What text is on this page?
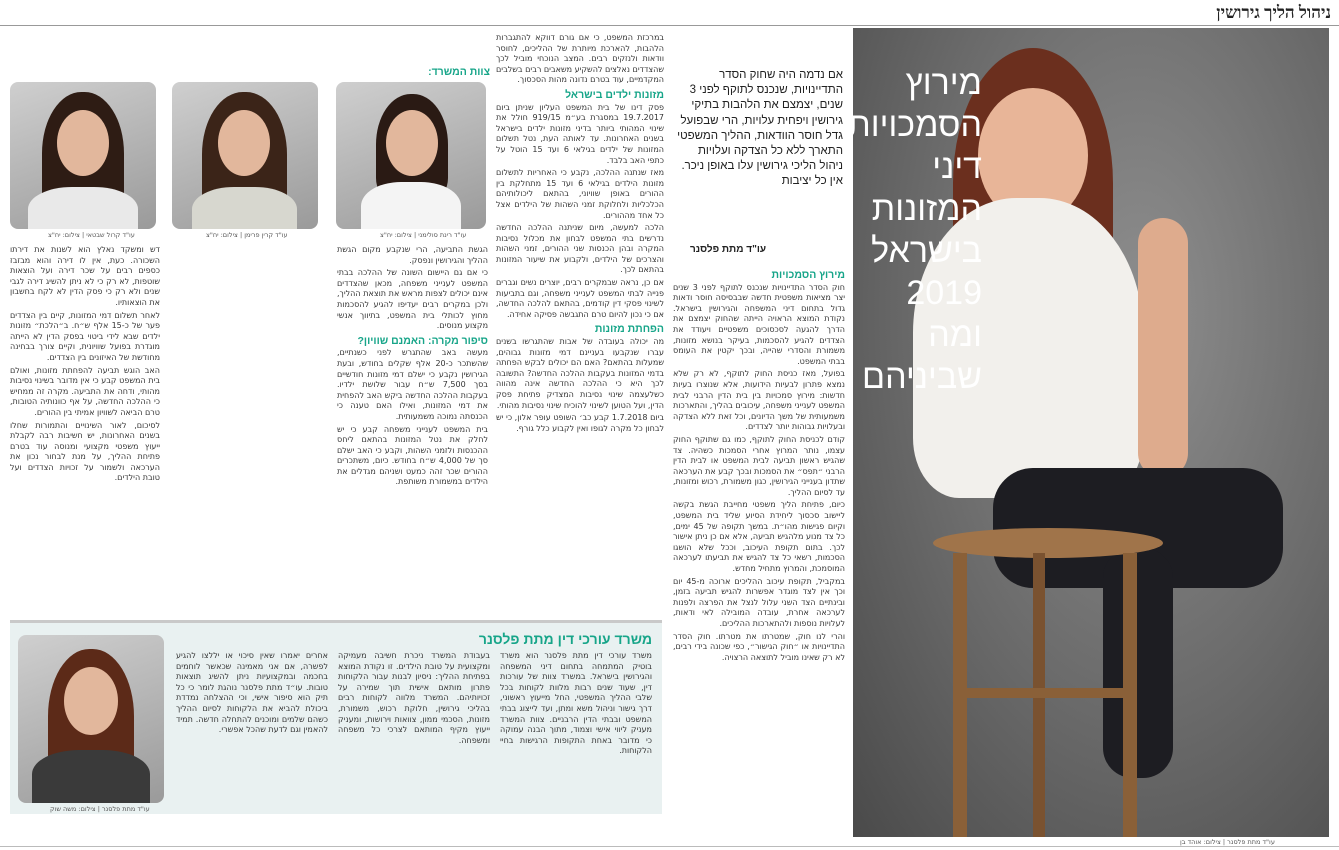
ניהול הליך גירושין
מירוץ הסמכויות, דיני המזונות בישראל 2019 ומה שביניהם
אם נדמה היה שחוק הסדר התדיינויות, שנכנס לתוקף לפני 3 שנים, יצמצם את הלהבות בתיקי גירושין ויפחית עלויות, הרי שבפועל גדל חוסר הוודאות, ההליך המשפטי התארך ללא כל הצדקה ועלויות ניהול הליכי גירושין עלו באופן ניכר. אין כל יציבות
עו"ד מתת פלסנר
עו"ד מתת פלסנר | צילום: אוהד בן
מירוץ הסמכויות

חוק הסדר התדיינויות שנכנס לתוקף לפני 3 שנים יצר מציאות משפטית חדשה שבבסיסה חוסר ודאות גדול בתחום דיני המשפחה והגירושין בישראל. נקודת המוצא הראויה הייתה שהחוק יצמצם את הדרך להגעה לסכסוכים משפטיים ויעודד את הצדדים להגיע להסכמות, בעיקר בנושא מזונות, משמורת והסדרי שהייה, ובכך יקטין את העומס בבתי המשפט.

בפועל, מאז כניסת החוק לתוקף, לא רק שלא נמצא פתרון לבעיות הידועות, אלא שנוצרו בעיות חדשות: מירוץ סמכויות בין בית הדין הרבני לבית המשפט לענייני משפחה, עיכובים בהליך, והתארכות משמעותית של משך הדיונים, וכל זאת ללא הצדקה ובעלויות גבוהות יותר לצדדים.

קודם לכניסת החוק לתוקף, כמו גם שתוקף החוק עצמו, נותר המרוץ אחרי הסמכות כשהיה. צד שהגיש ראשון תביעה לבית המשפט או לבית הדין הרבני ״תפס״ את הסמכות ובכך קבע את הערכאה שתדון בענייני הגירושין, כגון משמורת, רכוש ומזונות, עד לסיום ההליך.

כיום, פתיחת הליך משפטי מחייבת הגשת בקשה ליישוב סכסוך ליחידת הסיוע שליד בית המשפט, וקיום פגישות מהו״ת. במשך תקופה של 45 ימים, כל צד מנוע מלהגיש תביעה, אלא אם כן ניתן אישור לכך. בתום תקופת העיכוב, וככל שלא הושגו הסכמות, רשאי כל צד להגיש את תביעתו לערכאה המוסמכת, והמרוץ מתחיל מחדש.

במקביל, תקופת עיכוב ההליכים ארוכה מ-45 יום וכך אין לצד מוגדר אפשרות להגיש תביעה בזמן, ובינתיים הצד השני עלול לנצל את הפרצה ולפנות לערכאה אחרת, עובדה המובילה לאי ודאות, לעלויות נוספות ולהתארכות ההליכים.

והרי לנו חוק, שמטרתו את מטרתו. חוק הסדר התדיינויות או ״חוק הגישור״, כפי שכונה בידי רבים, לא רק שאינו מוביל לתוצאה הרצויה.

במרכזת המשפט, כי אם גורם דווקא להתגברות הלהבות, להארכת מיותרת של ההליכים, לחוסר וודאות ולנזקים רבים. המצב הנוכחי מוביל לכך שהצדדים נאלצים להשקיע משאבים רבים בשלבים המקדמיים, עוד בטרם נדונה מהות הסכסוך.

מזונות ילדים בישראל

פסק דינו של בית המשפט העליון שניתן ביום 19.7.2017 במסגרת בע״מ 919/15 חולל את שינוי המהותי ביותר בדיני מזונות ילדים בישראל בשנים האחרונות. עד לאותה העת, נטל תשלום המזונות של ילדים בגילאי 6 ועד 15 הוטל על כתפי האב בלבד.

מאז שנתנה ההלכה, נקבע כי האחריות לתשלום מזונות הילדים בגילאי 6 ועד 15 מתחלקת בין ההורים באופן שוויוני, בהתאם ליכולותיהם הכלכליות ולחלוקת זמני השהות של הילדים אצל כל אחד מההורים.

הלכה למעשה, מיום שניתנה ההלכה החדשה נדרשים בתי המשפט לבחון את מכלול נסיבות המקרה ובהן הכנסות שני ההורים, זמני השהות והצרכים של הילדים, ולקבוע את שיעור המזונות בהתאם לכך.

אם כן, נראה שבמקרים רבים, יוצרים נשים וגברים פנייה לבתי המשפט לענייני משפחה, וגם בתביעות לשינוי פסקי דין קודמים, בהתאם להלכה החדשה, אם כי נכון להיום טרם התגבשה פסיקה אחידה.

הפחתת מזונות

מה יכולה בעובדה של אבות שהתגרשו בשנים עברו שנקבעו בעניינם דמי מזונות גבוהים, שמעלות בהתאם? האם הם יכולים לבקש הפחתה בדמי המזונות בעקבות ההלכה החדשה? התשובה לכך היא כי ההלכה החדשה אינה מהווה כשלעצמה שינוי נסיבות המצדיק פתיחת פסק הדין, ועל הטוען לשינוי להוכיח שינוי נסיבות מהותי.

ביום 1.7.2018 קבע כב׳ השופט עופר אלון, כי יש לבחון כל מקרה לגופו ואין לקבוע כלל גורף.

צוות המשרד:
עו"ד רינת סולימני | צילום: יח"צ
עו"ד קרין פרימן | צילום: יח"צ
עו"ד קרול שבטאי | צילום: יח"צ

הגשת התביעה, הרי שנקבע מקום הגשת ההליך והגירושין ונפסק.

כי אם גם היישום השונה של ההלכה בבתי המשפט לענייני משפחה, מכאן שהצדדים אינם יכולים לצפות מראש את תוצאת ההליך, ולכן במקרים רבים יעדיפו להגיע להסכמות מחוץ לכותלי בית המשפט, בתיווך אנשי מקצוע מנוסים.

סיפור מקרה: האמנם שוויון?

מעשה באב שהתגרש לפני כשנתיים, שהשתכר כ-20 אלף שקלים בחודש, ובעת הגירושין נקבע כי ישלם דמי מזונות חודשיים בסך 7,500 ש״ח עבור שלושת ילדיו. בעקבות ההלכה החדשה ביקש האב להפחית את דמי המזונות, ואילו האם טענה כי הכנסתה נמוכה משמעותית.

בית המשפט לענייני משפחה קבע כי יש לחלק את נטל המזונות בהתאם ליחס ההכנסות ולזמני השהות, וקבע כי האב ישלם סך של 4,000 ש״ח בחודש. כיום, משתכרים ההורים שכר זהה כמעט ושניהם מגדלים את הילדים במשמורת משותפת.

דש ומשקד נאלץ הוא לשנות את דירתו השכורה. כעת, אין לו דירה והוא מבזבז כספים רבים על שכר דירה ועל הוצאות שוטפות, לא רק כי לא ניתן להשיג דירה לגבי שנים ולא רק כי פסק הדין לא לקח בחשבון את הוצאותיו.

לאחר תשלום דמי המזונות, קיים בין הצדדים פער של כ-15 אלף ש״ח. ב״הלכת״ מזונות ילדים שבא לידי ביטוי בפסק הדין לא הייתה מוגדרת בפועל שוויונית, וקיים צורך בבחינה מחודשת של האיזונים בין הצדדים.

האב הוגש תביעה להפחתת מזונות, ואולם בית המשפט קבע כי אין מדובר בשינוי נסיבות מהותי, ודחה את התביעה. מקרה זה ממחיש כי ההלכה החדשה, על אף כוונותיה הטובות, טרם הביאה לשוויון אמיתי בין ההורים.

לסיכום, לאור השינויים והתמורות שחלו בשנים האחרונות, יש חשיבות רבה לקבלת ייעוץ משפטי מקצועי ומנוסה עוד בטרם פתיחת ההליך, על מנת לבחור נכון את הערכאה ולשמור על זכויות הצדדים ועל טובת הילדים.

משרד עורכי דין מתת פלסנר
משרד עורכי דין מתת פלסנר הוא משרד בוטיק המתמחה בתחום דיני המשפחה והגירושין בישראל. במשרד צוות של עורכות דין, שעוד שנים רבות מלוות לקוחות בכל שלבי ההליך המשפטי, החל מייעוץ ראשוני, דרך גישור וניהול משא ומתן, ועד לייצוג בבתי המשפט ובבתי הדין הרבניים. צוות המשרד מעניק ליווי אישי וצמוד, מתוך הבנה עמוקה כי מדובר באחת התקופות הרגישות בחיי הלקוחות.
בעבודת המשרד ניכרת חשיבה מעמיקה ומקצועית על טובת הילדים. זו נקודת המוצא בפתיחת ההליך: ניסיון לבנות עבור הלקוחות פתרון מותאם אישית תוך שמירה על זכויותיהם. המשרד מלווה לקוחות רבים בהליכי גירושין, חלוקת רכוש, משמורת, מזונות, הסכמי ממון, צוואות וירושות, ומעניק ייעוץ מקיף המותאם לצרכי כל משפחה ומשפחה.
אחרים יאמרו שאין סיכוי או יללצו להגיע לפשרה, אם אני מאמינה שכאשר לוחמים בחכמה ובמקצועיות ניתן להשיג תוצאות טובות. עו״ד מתת פלסנר נוהגת לומר כי כל תיק הוא סיפור אישי, וכי ההצלחה נמדדת ביכולת להביא את הלקוחות לסיום ההליך כשהם שלמים ומוכנים להתחלה חדשה. תמיד להאמין וגם לדעת שהכל אפשרי.
עו"ד מתת פלסנר | צילום: משה שוק
